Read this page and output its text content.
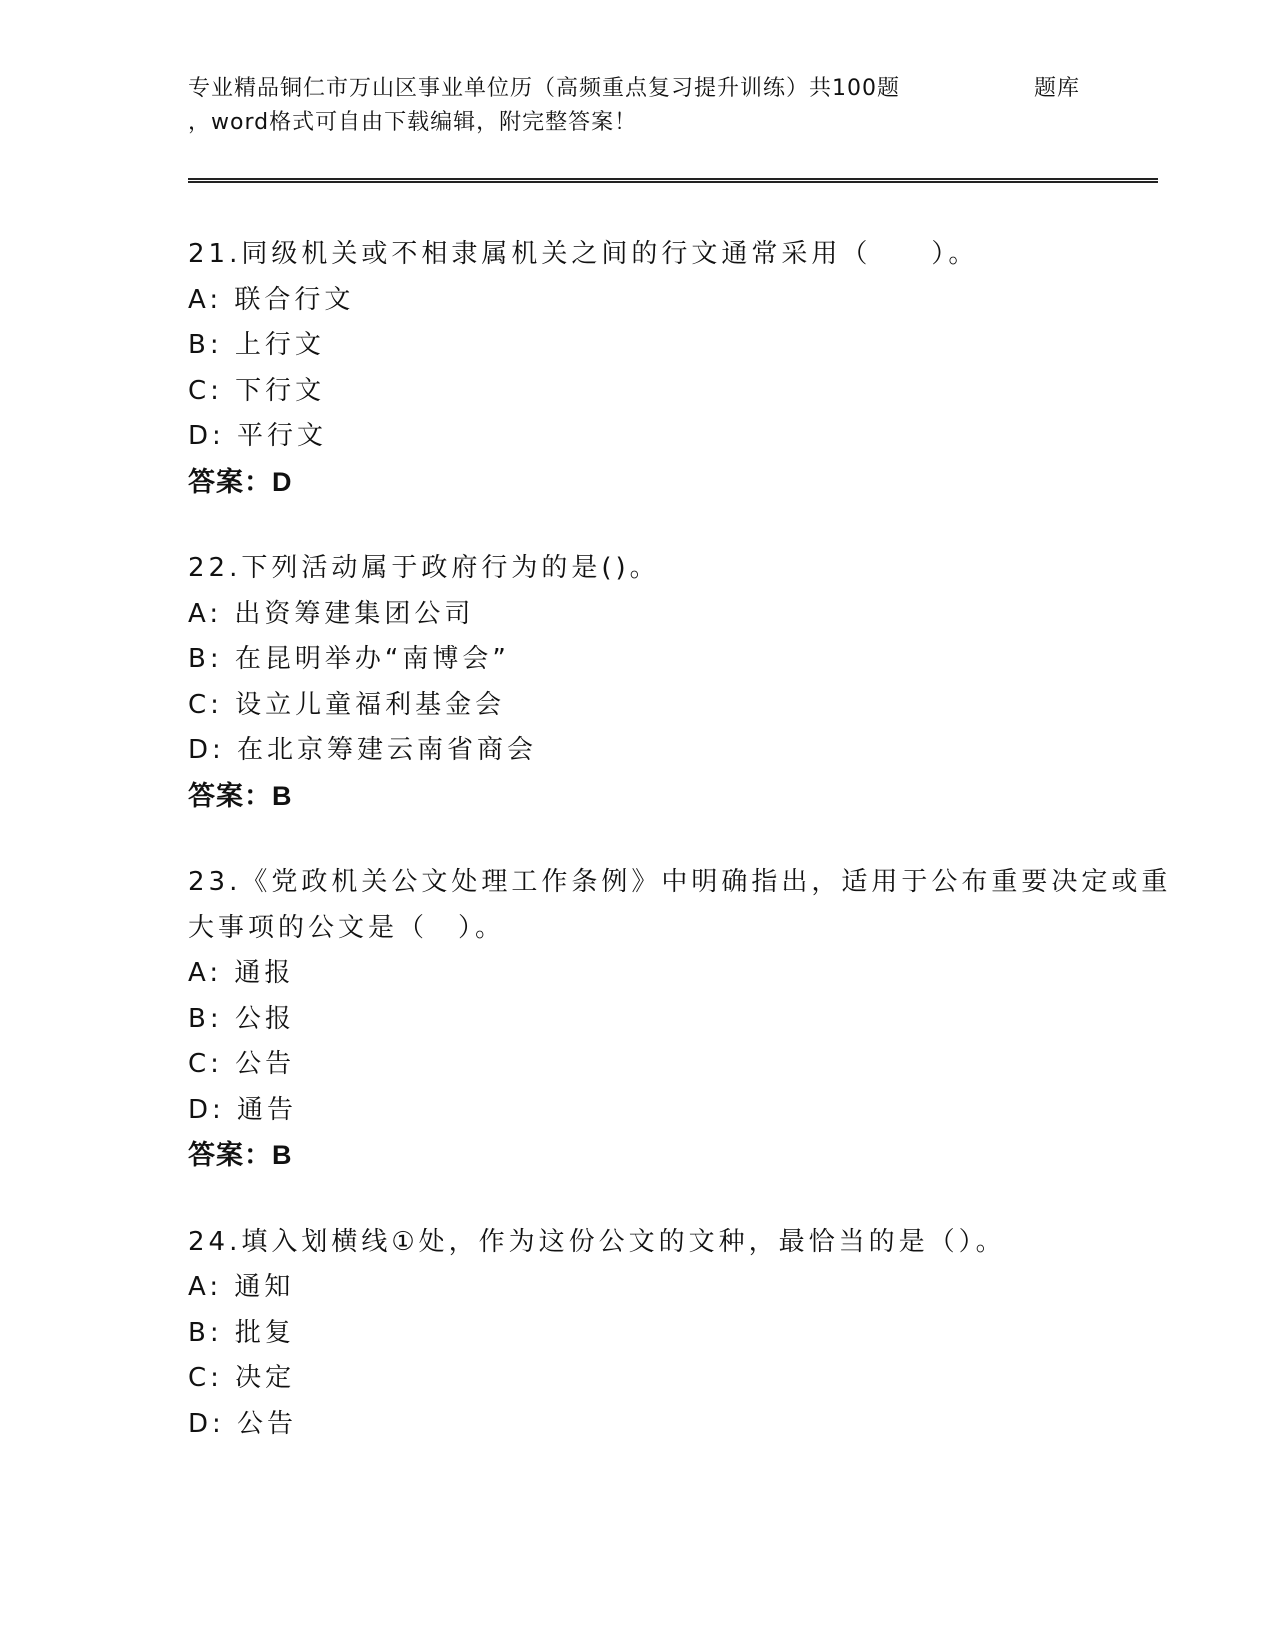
专业精品铜仁市万山区事业单位历（高频重点复习提升训练）共100题	题库
，word格式可自由下载编辑，附完整答案！
21.同级机关或不相隶属机关之间的行文通常采用（　　）。
A: 联合行文
B: 上行文
C: 下行文
D: 平行文
答案：D
22.下列活动属于政府行为的是()。
A: 出资筹建集团公司
B: 在昆明举办“南博会”
C: 设立儿童福利基金会
D: 在北京筹建云南省商会
答案：B
23.《党政机关公文处理工作条例》中明确指出，适用于公布重要决定或重大事项的公文是（　）。
A: 通报
B: 公报
C: 公告
D: 通告
答案：B
24.填入划横线①处，作为这份公文的文种，最恰当的是（）。
A: 通知
B: 批复
C: 决定
D: 公告
